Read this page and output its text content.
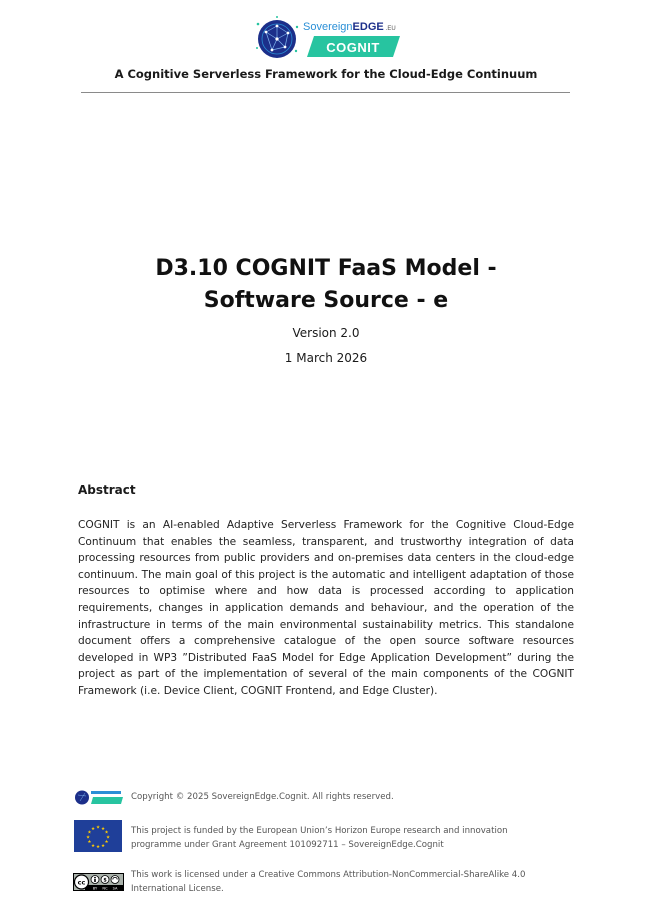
SovereignEDGE .EU
COGNIT
A Cognitive Serverless Framework for the Cloud-Edge Continuum
D3.10 COGNIT FaaS Model -
Software Source - e
Version 2.0
1 March 2026
Abstract
COGNIT is an AI-enabled Adaptive Serverless Framework for the Cognitive Cloud-Edge Continuum that enables the seamless, transparent, and trustworthy integration of data processing resources from public providers and on-premises data centers in the cloud-edge continuum. The main goal of this project is the automatic and intelligent adaptation of those resources to optimise where and how data is processed according to application requirements, changes in application demands and behaviour, and the operation of the infrastructure in terms of the main environmental sustainability metrics. This standalone document offers a comprehensive catalogue of the open source software resources developed in WP3 ”Distributed FaaS Model for Edge Application Development” during the project as part of the implementation of several of the main components of the COGNIT Framework (i.e. Device Client, COGNIT Frontend, and Edge Cluster).
Copyright © 2025 SovereignEdge.Cognit. All rights reserved.
★ ★
★
★
★
★
★
★
★
★
★
★	This project is funded by the European Union’s Horizon Europe research and innovation
programme under Grant Agreement 101092711 – SovereignEdge.Cognit
cc	$
BY NC SA
This work is licensed under a Creative Commons Attribution-NonCommercial-ShareAlike 4.0
International License.
